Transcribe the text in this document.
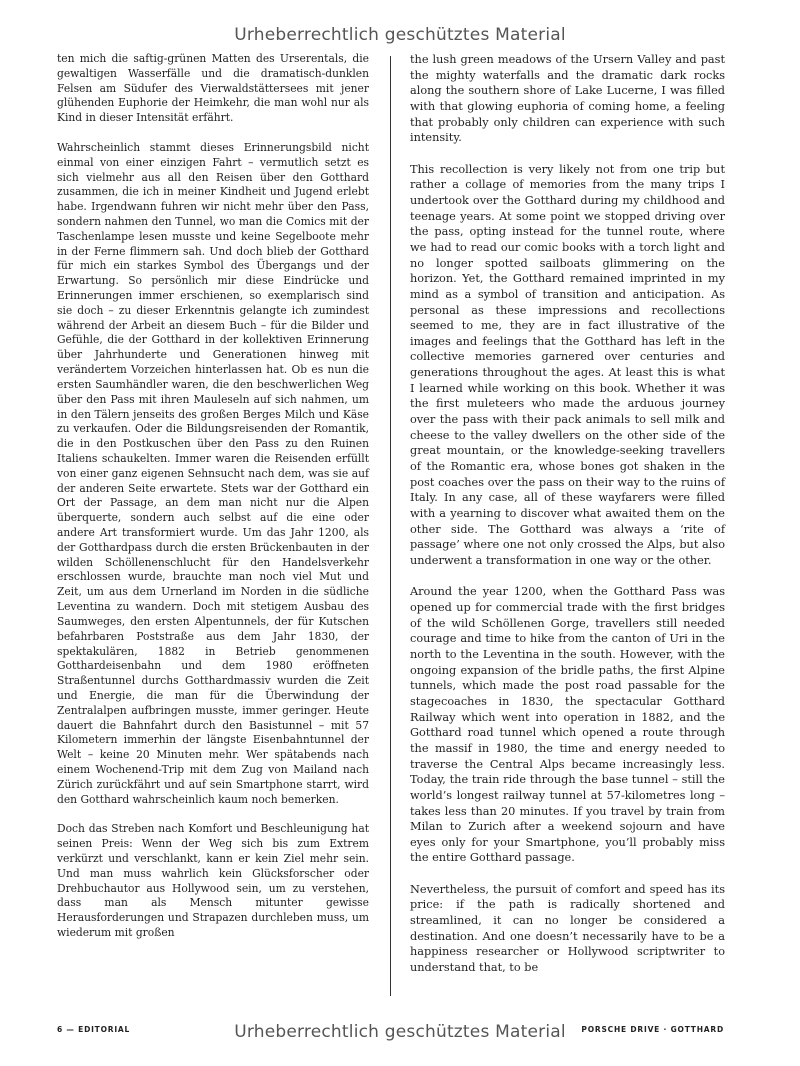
Urheberrechtlich geschütztes Material

ten mich die saftig-grünen Matten des Urserentals, die gewaltigen Wasserfälle und die dramatisch-dunklen Felsen am Südufer des Vierwaldstättersees mit jener glühenden Euphorie der Heimkehr, die man wohl nur als Kind in dieser Intensität erfährt.

Wahrscheinlich stammt dieses Erinnerungsbild nicht einmal von einer einzigen Fahrt – vermutlich setzt es sich vielmehr aus all den Reisen über den Gotthard zusammen, die ich in meiner Kindheit und Jugend erlebt habe. Irgendwann fuhren wir nicht mehr über den Pass, sondern nahmen den Tunnel, wo man die Comics mit der Taschenlampe lesen musste und keine Segelboote mehr in der Ferne flimmern sah. Und doch blieb der Gotthard für mich ein starkes Symbol des Übergangs und der Erwartung. So persönlich mir diese Eindrücke und Erinnerungen immer erschienen, so exemplarisch sind sie doch – zu dieser Erkenntnis gelangte ich zumindest während der Arbeit an diesem Buch – für die Bilder und Gefühle, die der Gotthard in der kollektiven Erinnerung über Jahrhunderte und Generationen hinweg mit verändertem Vorzeichen hinterlassen hat. Ob es nun die ersten Saumhändler waren, die den beschwerlichen Weg über den Pass mit ihren Mauleseln auf sich nahmen, um in den Tälern jenseits des großen Berges Milch und Käse zu verkaufen. Oder die Bildungsreisenden der Romantik, die in den Postkuschen über den Pass zu den Ruinen Italiens schaukelten. Immer waren die Reisenden erfüllt von einer ganz eigenen Sehnsucht nach dem, was sie auf der anderen Seite erwartete. Stets war der Gotthard ein Ort der Passage, an dem man nicht nur die Alpen überquerte, sondern auch selbst auf die eine oder andere Art transformiert wurde. Um das Jahr 1200, als der Gotthardpass durch die ersten Brückenbauten in der wilden Schöllenenschlucht für den Handelsverkehr erschlossen wurde, brauchte man noch viel Mut und Zeit, um aus dem Urnerland im Norden in die südliche Leventina zu wandern. Doch mit stetigem Ausbau des Saumweges, den ersten Alpentunnels, der für Kutschen befahrbaren Poststraße aus dem Jahr 1830, der spektakulären, 1882 in Betrieb genommenen Gotthardeisenbahn und dem 1980 eröffneten Straßentunnel durchs Gotthardmassiv wurden die Zeit und Energie, die man für die Überwindung der Zentralalpen aufbringen musste, immer geringer. Heute dauert die Bahnfahrt durch den Basistunnel – mit 57 Kilometern immerhin der längste Eisenbahntunnel der Welt – keine 20 Minuten mehr. Wer spätabends nach einem Wochenend-Trip mit dem Zug von Mailand nach Zürich zurückfährt und auf sein Smartphone starrt, wird den Gotthard wahrscheinlich kaum noch bemerken.

Doch das Streben nach Komfort und Beschleunigung hat seinen Preis: Wenn der Weg sich bis zum Extrem verkürzt und verschlankt, kann er kein Ziel mehr sein. Und man muss wahrlich kein Glücksforscher oder Drehbuchautor aus Hollywood sein, um zu verstehen, dass man als Mensch mitunter gewisse Herausforderungen und Strapazen durchleben muss, um wiederum mit großen

the lush green meadows of the Ursern Valley and past the mighty waterfalls and the dramatic dark rocks along the southern shore of Lake Lucerne, I was filled with that glowing euphoria of coming home, a feeling that probably only children can experience with such intensity.

This recollection is very likely not from one trip but rather a collage of memories from the many trips I undertook over the Gotthard during my childhood and teenage years. At some point we stopped driving over the pass, opting instead for the tunnel route, where we had to read our comic books with a torch light and no longer spotted sailboats glimmering on the horizon. Yet, the Gotthard remained imprinted in my mind as a symbol of transition and anticipation. As personal as these impressions and recollections seemed to me, they are in fact illustrative of the images and feelings that the Gotthard has left in the collective memories garnered over centuries and generations throughout the ages. At least this is what I learned while working on this book. Whether it was the first muleteers who made the arduous journey over the pass with their pack animals to sell milk and cheese to the valley dwellers on the other side of the great mountain, or the knowledge-seeking travellers of the Romantic era, whose bones got shaken in the post coaches over the pass on their way to the ruins of Italy. In any case, all of these wayfarers were filled with a yearning to discover what awaited them on the other side. The Gotthard was always a ‘rite of passage’ where one not only crossed the Alps, but also underwent a transformation in one way or the other.

Around the year 1200, when the Gotthard Pass was opened up for commercial trade with the first bridges of the wild Schöllenen Gorge, travellers still needed courage and time to hike from the canton of Uri in the north to the Leventina in the south. However, with the ongoing expansion of the bridle paths, the first Alpine tunnels, which made the post road passable for the stagecoaches in 1830, the spectacular Gotthard Railway which went into operation in 1882, and the Gotthard road tunnel which opened a route through the massif in 1980, the time and energy needed to traverse the Central Alps became increasingly less. Today, the train ride through the base tunnel – still the world’s longest railway tunnel at 57-kilometres long – takes less than 20 minutes. If you travel by train from Milan to Zurich after a weekend sojourn and have eyes only for your Smartphone, you’ll probably miss the entire Gotthard passage.

Nevertheless, the pursuit of comfort and speed has its price: if the path is radically shortened and streamlined, it can no longer be considered a destination. And one doesn’t necessarily have to be a happiness researcher or Hollywood scriptwriter to understand that, to be

6 — EDITORIAL	Urheberrechtlich geschütztes Material	PORSCHE DRIVE · GOTTHARD
